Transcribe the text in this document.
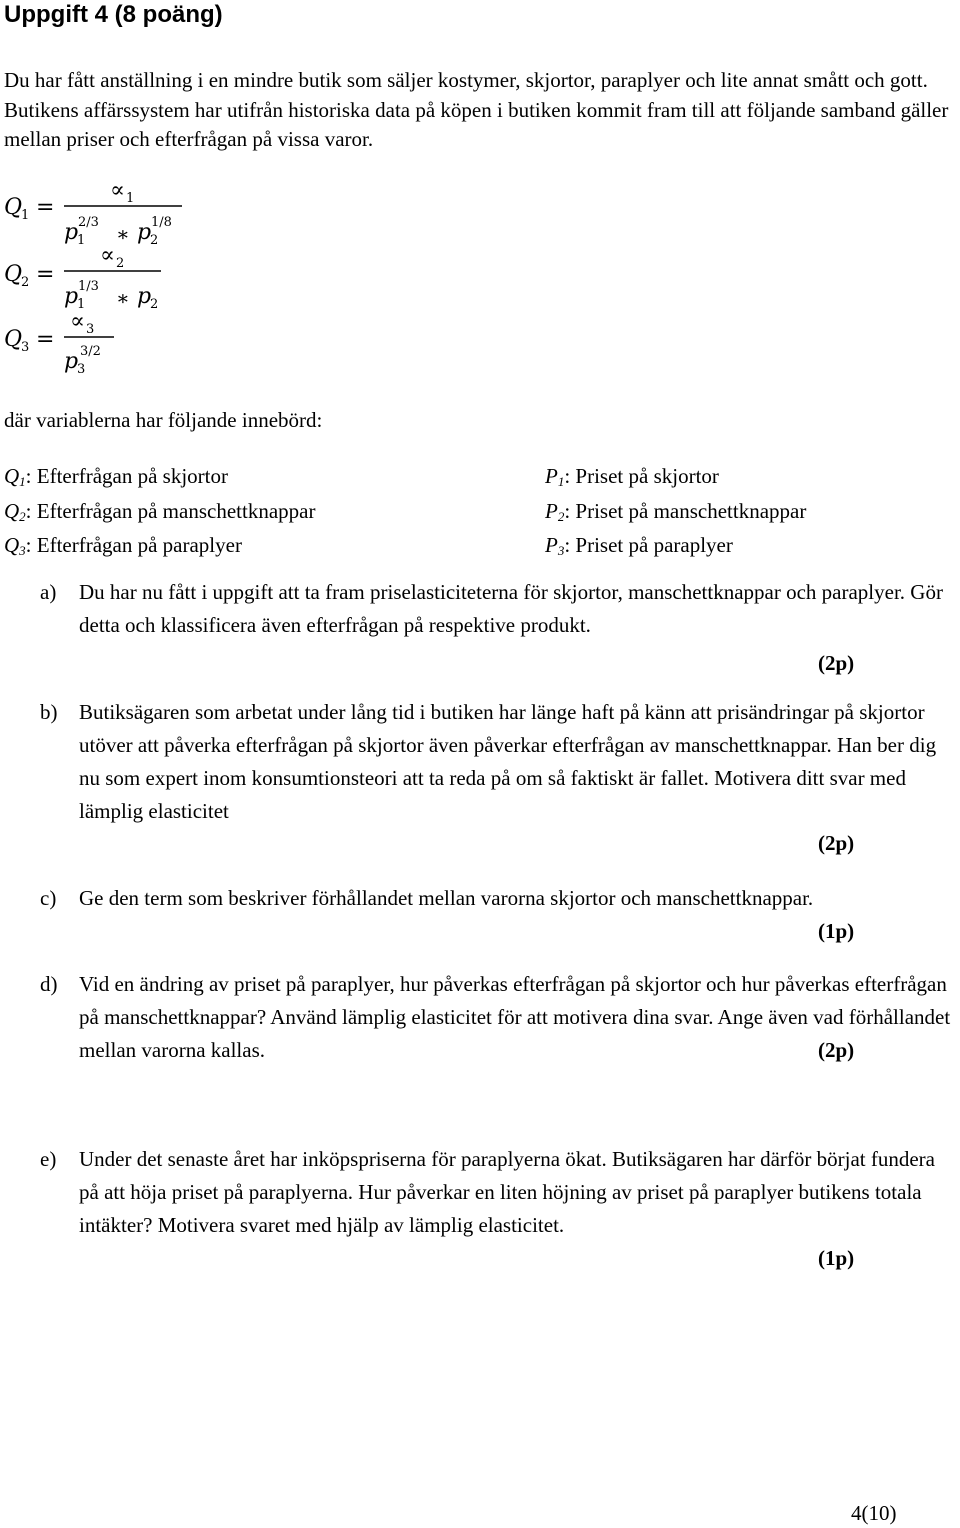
Uppgift 4 (8 poäng)

Du har fått anställning i en mindre butik som säljer kostymer, skjortor, paraplyer och lite annat smått och gott. Butikens affärssystem har utifrån historiska data på köpen i butiken kommit fram till att följande samband gäller mellan priser och efterfrågan på vissa varor.

Q
1 =
∝ 1
p
1
2/3 ∗ p
2
1/8
Q
2 =
∝ 2
p
1
1/3 ∗ p
2
Q
3 =
∝ 3
p
3
3/2
där variablerna har följande innebörd:
$Q_1$: Efterfrågan på skjortor
$Q_2$: Efterfrågan på manschettknappar
$Q_3$: Efterfrågan på paraplyer
$P_1$: Priset på skjortor
$P_2$: Priset på manschettknappar
$P_3$: Priset på paraplyer
a) Du har nu fått i uppgift att ta fram priselasticiteterna för skjortor, manschettknappar och paraplyer. Gör detta och klassificera även efterfrågan på respektive produkt.
(2p)
b) Butiksägaren som arbetat under lång tid i butiken har länge haft på känn att prisändringar på skjortor utöver att påverka efterfrågan på skjortor även påverkar efterfrågan av manschettknappar. Han ber dig nu som expert inom konsumtionsteori att ta reda på om så faktiskt är fallet. Motivera ditt svar med lämplig elasticitet
(2p)
c) Ge den term som beskriver förhållandet mellan varorna skjortor och manschettknappar.
(1p)
d) Vid en ändring av priset på paraplyer, hur påverkas efterfrågan på skjortor och hur påverkas efterfrågan på manschettknappar? Använd lämplig elasticitet för att motivera dina svar. Ange även vad förhållandet mellan varorna kallas.	(2p)
e) Under det senaste året har inköpspriserna för paraplyerna ökat. Butiksägaren har därför börjat fundera på att höja priset på paraplyerna. Hur påverkar en liten höjning av priset på paraplyer butikens totala intäkter? Motivera svaret med hjälp av lämplig elasticitet.
(1p)
4(10)
